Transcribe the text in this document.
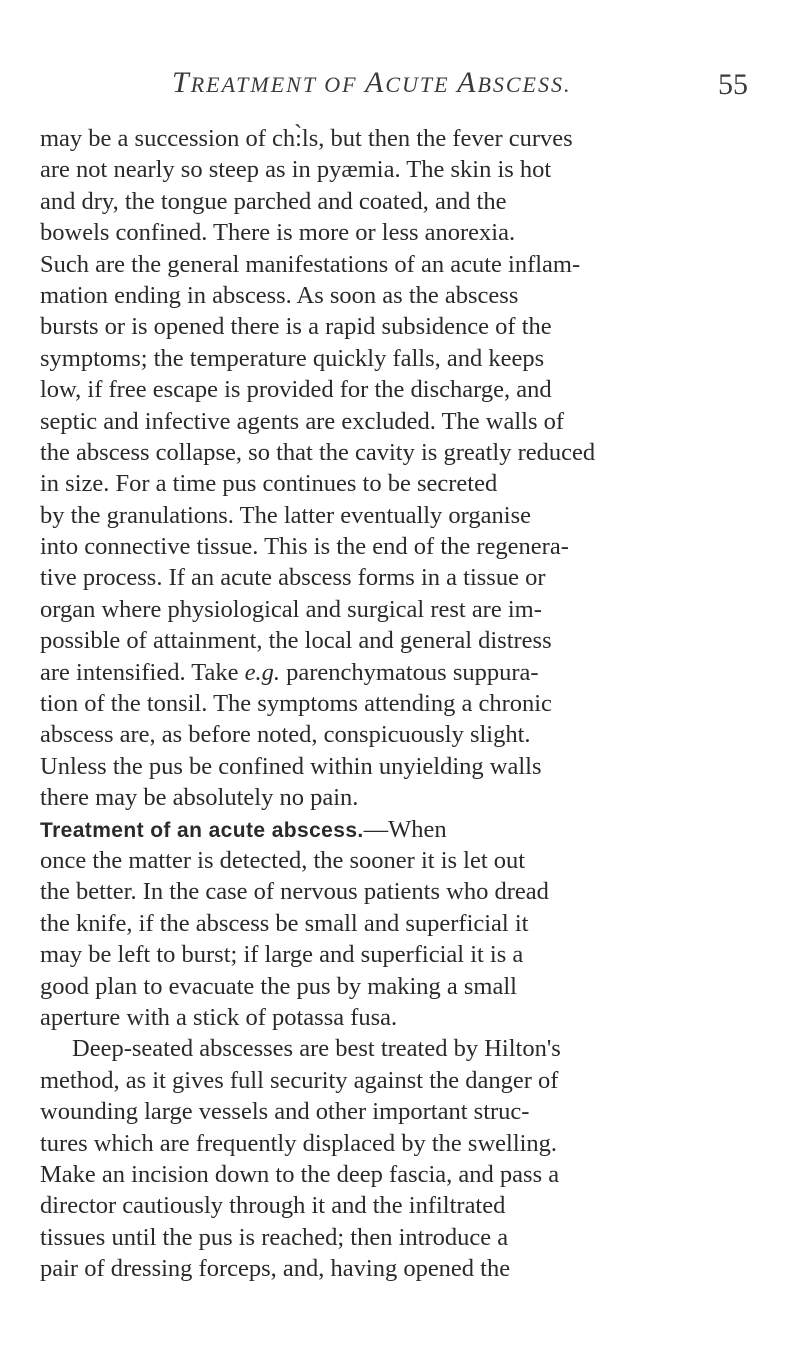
TREATMENT OF ACUTE ABSCESS.	55
may be a succession of ch:̀ls, but then the fever curves
are not nearly so steep as in pyæmia. The skin is hot
and dry, the tongue parched and coated, and the
bowels confined. There is more or less anorexia.
Such are the general manifestations of an acute inflam-
mation ending in abscess. As soon as the abscess
bursts or is opened there is a rapid subsidence of the
symptoms; the temperature quickly falls, and keeps
low, if free escape is provided for the discharge, and
septic and infective agents are excluded. The walls of
the abscess collapse, so that the cavity is greatly reduced
in size. For a time pus continues to be secreted
by the granulations. The latter eventually organise
into connective tissue. This is the end of the regenera-
tive process. If an acute abscess forms in a tissue or
organ where physiological and surgical rest are im-
possible of attainment, the local and general distress
are intensified. Take e.g. parenchymatous suppura-
tion of the tonsil. The symptoms attending a chronic
abscess are, as before noted, conspicuously slight.
Unless the pus be confined within unyielding walls
there may be absolutely no pain.
Treatment of an acute abscess.—When
once the matter is detected, the sooner it is let out
the better. In the case of nervous patients who dread
the knife, if the abscess be small and superficial it
may be left to burst; if large and superficial it is a
good plan to evacuate the pus by making a small
aperture with a stick of potassa fusa.
Deep-seated abscesses are best treated by Hilton's
method, as it gives full security against the danger of
wounding large vessels and other important struc-
tures which are frequently displaced by the swelling.
Make an incision down to the deep fascia, and pass a
director cautiously through it and the infiltrated
tissues until the pus is reached; then introduce a
pair of dressing forceps, and, having opened the
